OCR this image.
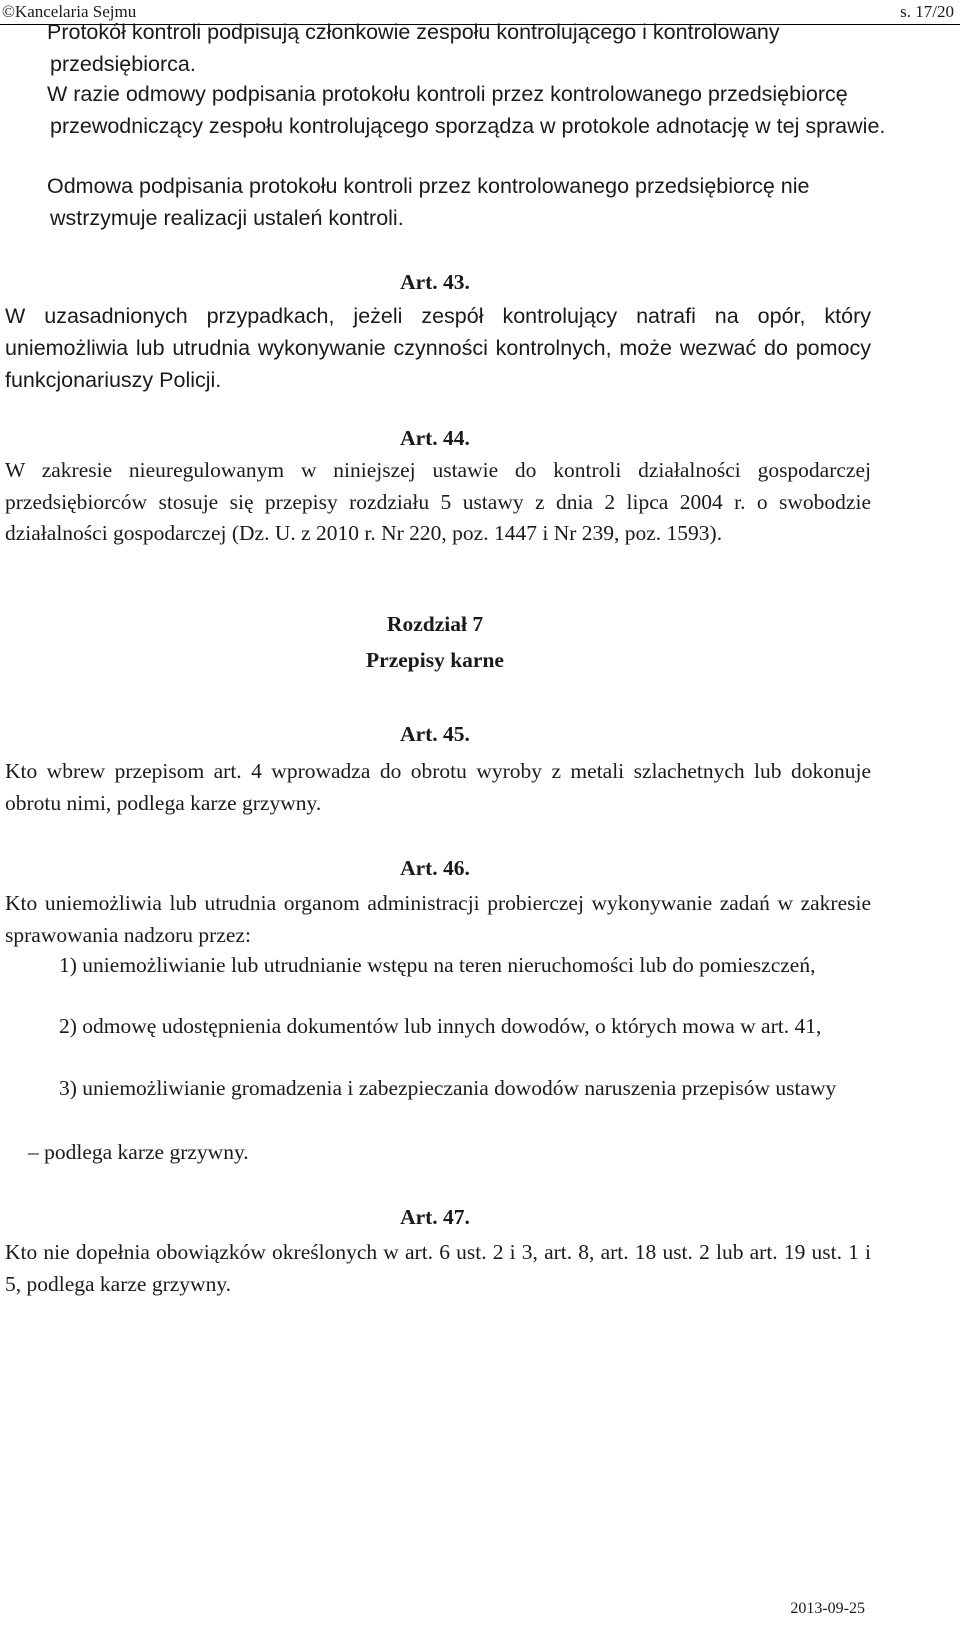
©Kancelaria Sejmu	s. 17/20
Protokół kontroli podpisują członkowie zespołu kontrolującego i kontrolowany przedsiębiorca.
W razie odmowy podpisania protokołu kontroli przez kontrolowanego przedsiębiorcę przewodniczący zespołu kontrolującego sporządza w protokole adnotację w tej sprawie.
Odmowa podpisania protokołu kontroli przez kontrolowanego przedsiębiorcę nie wstrzymuje realizacji ustaleń kontroli.
Art. 43.
W uzasadnionych przypadkach, jeżeli zespół kontrolujący natrafi na opór, który uniemożliwia lub utrudnia wykonywanie czynności kontrolnych, może wezwać do pomocy funkcjonariuszy Policji.
Art. 44.
W zakresie nieuregulowanym w niniejszej ustawie do kontroli działalności gospodarczej przedsiębiorców stosuje się przepisy rozdziału 5 ustawy z dnia 2 lipca 2004 r. o swobodzie działalności gospodarczej (Dz. U. z 2010 r. Nr 220, poz. 1447 i Nr 239, poz. 1593).
Rozdział 7
Przepisy karne
Art. 45.
Kto wbrew przepisom art. 4 wprowadza do obrotu wyroby z metali szlachetnych lub dokonuje obrotu nimi, podlega karze grzywny.
Art. 46.
Kto uniemożliwia lub utrudnia organom administracji probierczej wykonywanie zadań w zakresie sprawowania nadzoru przez:
1) uniemożliwianie lub utrudnianie wstępu na teren nieruchomości lub do pomieszczeń,
2) odmowę udostępnienia dokumentów lub innych dowodów, o których mowa w art. 41,
3) uniemożliwianie gromadzenia i zabezpieczania dowodów naruszenia przepisów ustawy
– podlega karze grzywny.
Art. 47.
Kto nie dopełnia obowiązków określonych w art. 6 ust. 2 i 3, art. 8, art. 18 ust. 2 lub art. 19 ust. 1 i 5, podlega karze grzywny.
2013-09-25
